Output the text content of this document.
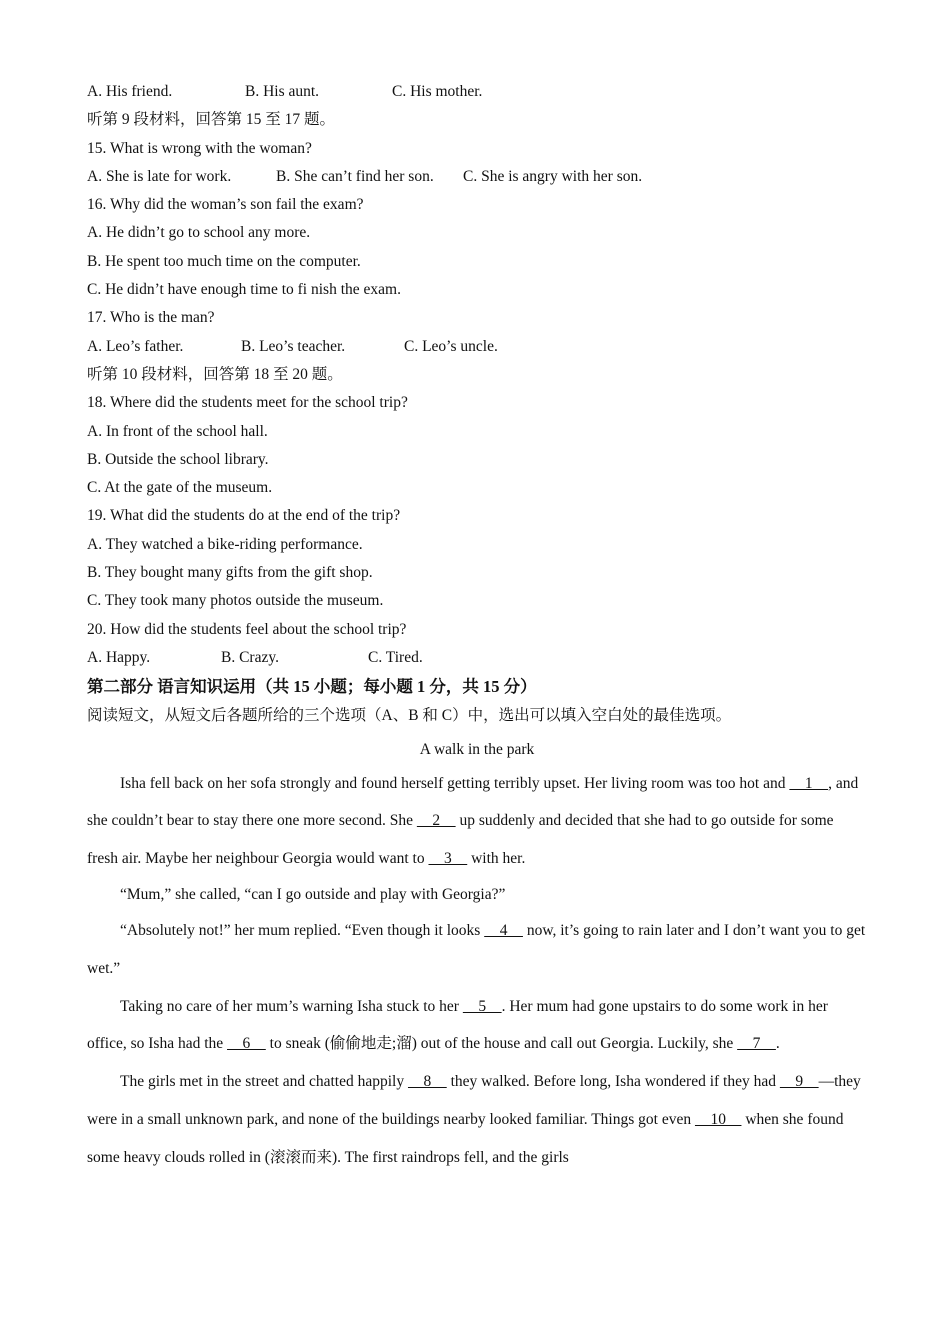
A. His friend.	B. His aunt.	C. His mother.
听第 9 段材料，回答第 15 至 17 题。
15. What is wrong with the woman?
A. She is late for work.	B. She can’t find her son. C. She is angry with her son.
16. Why did the woman’s son fail the exam?
A. He didn’t go to school any more.
B. He spent too much time on the computer.
C. He didn’t have enough time to fi nish the exam.
17. Who is the man?
A. Leo’s father.	B. Leo’s teacher.	C. Leo’s uncle.
听第 10 段材料，回答第 18 至 20 题。
18. Where did the students meet for the school trip?
A. In front of the school hall.
B. Outside the school library.
C. At the gate of the museum.
19. What did the students do at the end of the trip?
A. They watched a bike-riding performance.
B. They bought many gifts from the gift shop.
C. They took many photos outside the museum.
20. How did the students feel about the school trip?
A. Happy.	B. Crazy.	C. Tired.
第二部分 语言知识运用（共 15 小题；每小题 1 分，共 15 分）
阅读短文，从短文后各题所给的三个选项（A、B 和 C）中，选出可以填入空白处的最佳选项。
A walk in the park

Isha fell back on her sofa strongly and found herself getting terribly upset. Her living room was too hot and     1    , and she couldn’t bear to stay there one more second. She     2     up suddenly and decided that she had to go outside for some fresh air. Maybe her neighbour Georgia would want to     3     with her.

“Mum,” she called, “can I go outside and play with Georgia?”

“Absolutely not!” her mum replied. “Even though it looks     4     now, it’s going to rain later and I don’t want you to get wet.”

Taking no care of her mum’s warning Isha stuck to her     5    . Her mum had gone upstairs to do some work in her office, so Isha had the     6     to sneak (偷偷地走;溜) out of the house and call out Georgia. Luckily, she     7    .

The girls met in the street and chatted happily     8     they walked. Before long, Isha wondered if they had     9    —they were in a small unknown park, and none of the buildings nearby looked familiar. Things got even     10     when she found some heavy clouds rolled in (滚滚而来). The first raindrops fell, and the girls
